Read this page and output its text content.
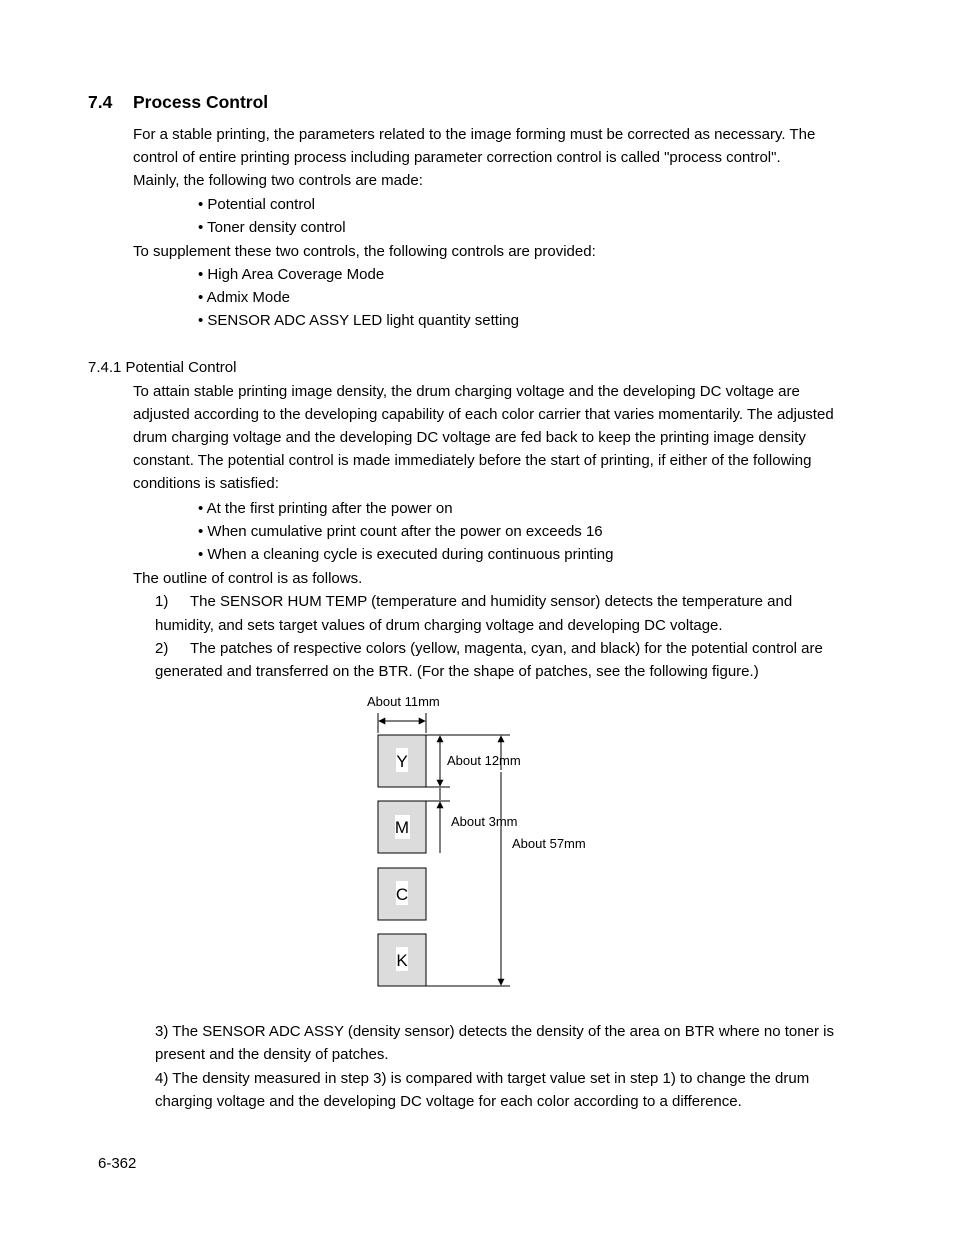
7.4 Process Control
For a stable printing, the parameters related to the image forming must be corrected as necessary. The
control of entire printing process including parameter correction control is called "process control".
Mainly, the following two controls are made:
• Potential control
• Toner density control
To supplement these two controls, the following controls are provided:
• High Area Coverage Mode
• Admix Mode
• SENSOR ADC ASSY LED light quantity setting
7.4.1 Potential Control
To attain stable printing image density, the drum charging voltage and the developing DC voltage are
adjusted according to the developing capability of each color carrier that varies momentarily. The adjusted
drum charging voltage and the developing DC voltage are fed back to keep the printing image density
constant. The potential control is made immediately before the start of printing, if either of the following
conditions is satisfied:
• At the first printing after the power on
• When cumulative print count after the power on exceeds 16
• When a cleaning cycle is executed during continuous printing
The outline of control is as follows.
1) The SENSOR HUM TEMP (temperature and humidity sensor) detects the temperature and
humidity, and sets target values of drum charging voltage and developing DC voltage.
2) The patches of respective colors (yellow, magenta, cyan, and black) for the potential control are
generated and transferred on the BTR. (For the shape of patches, see the following figure.)
Y
M
C
K
About 11mm
About 12mm
About 3mm
About 57mm
3) The SENSOR ADC ASSY (density sensor) detects the density of the area on BTR where no toner is
present and the density of patches.
4) The density measured in step 3) is compared with target value set in step 1) to change the drum
charging voltage and the developing DC voltage for each color according to a difference.
6-362
